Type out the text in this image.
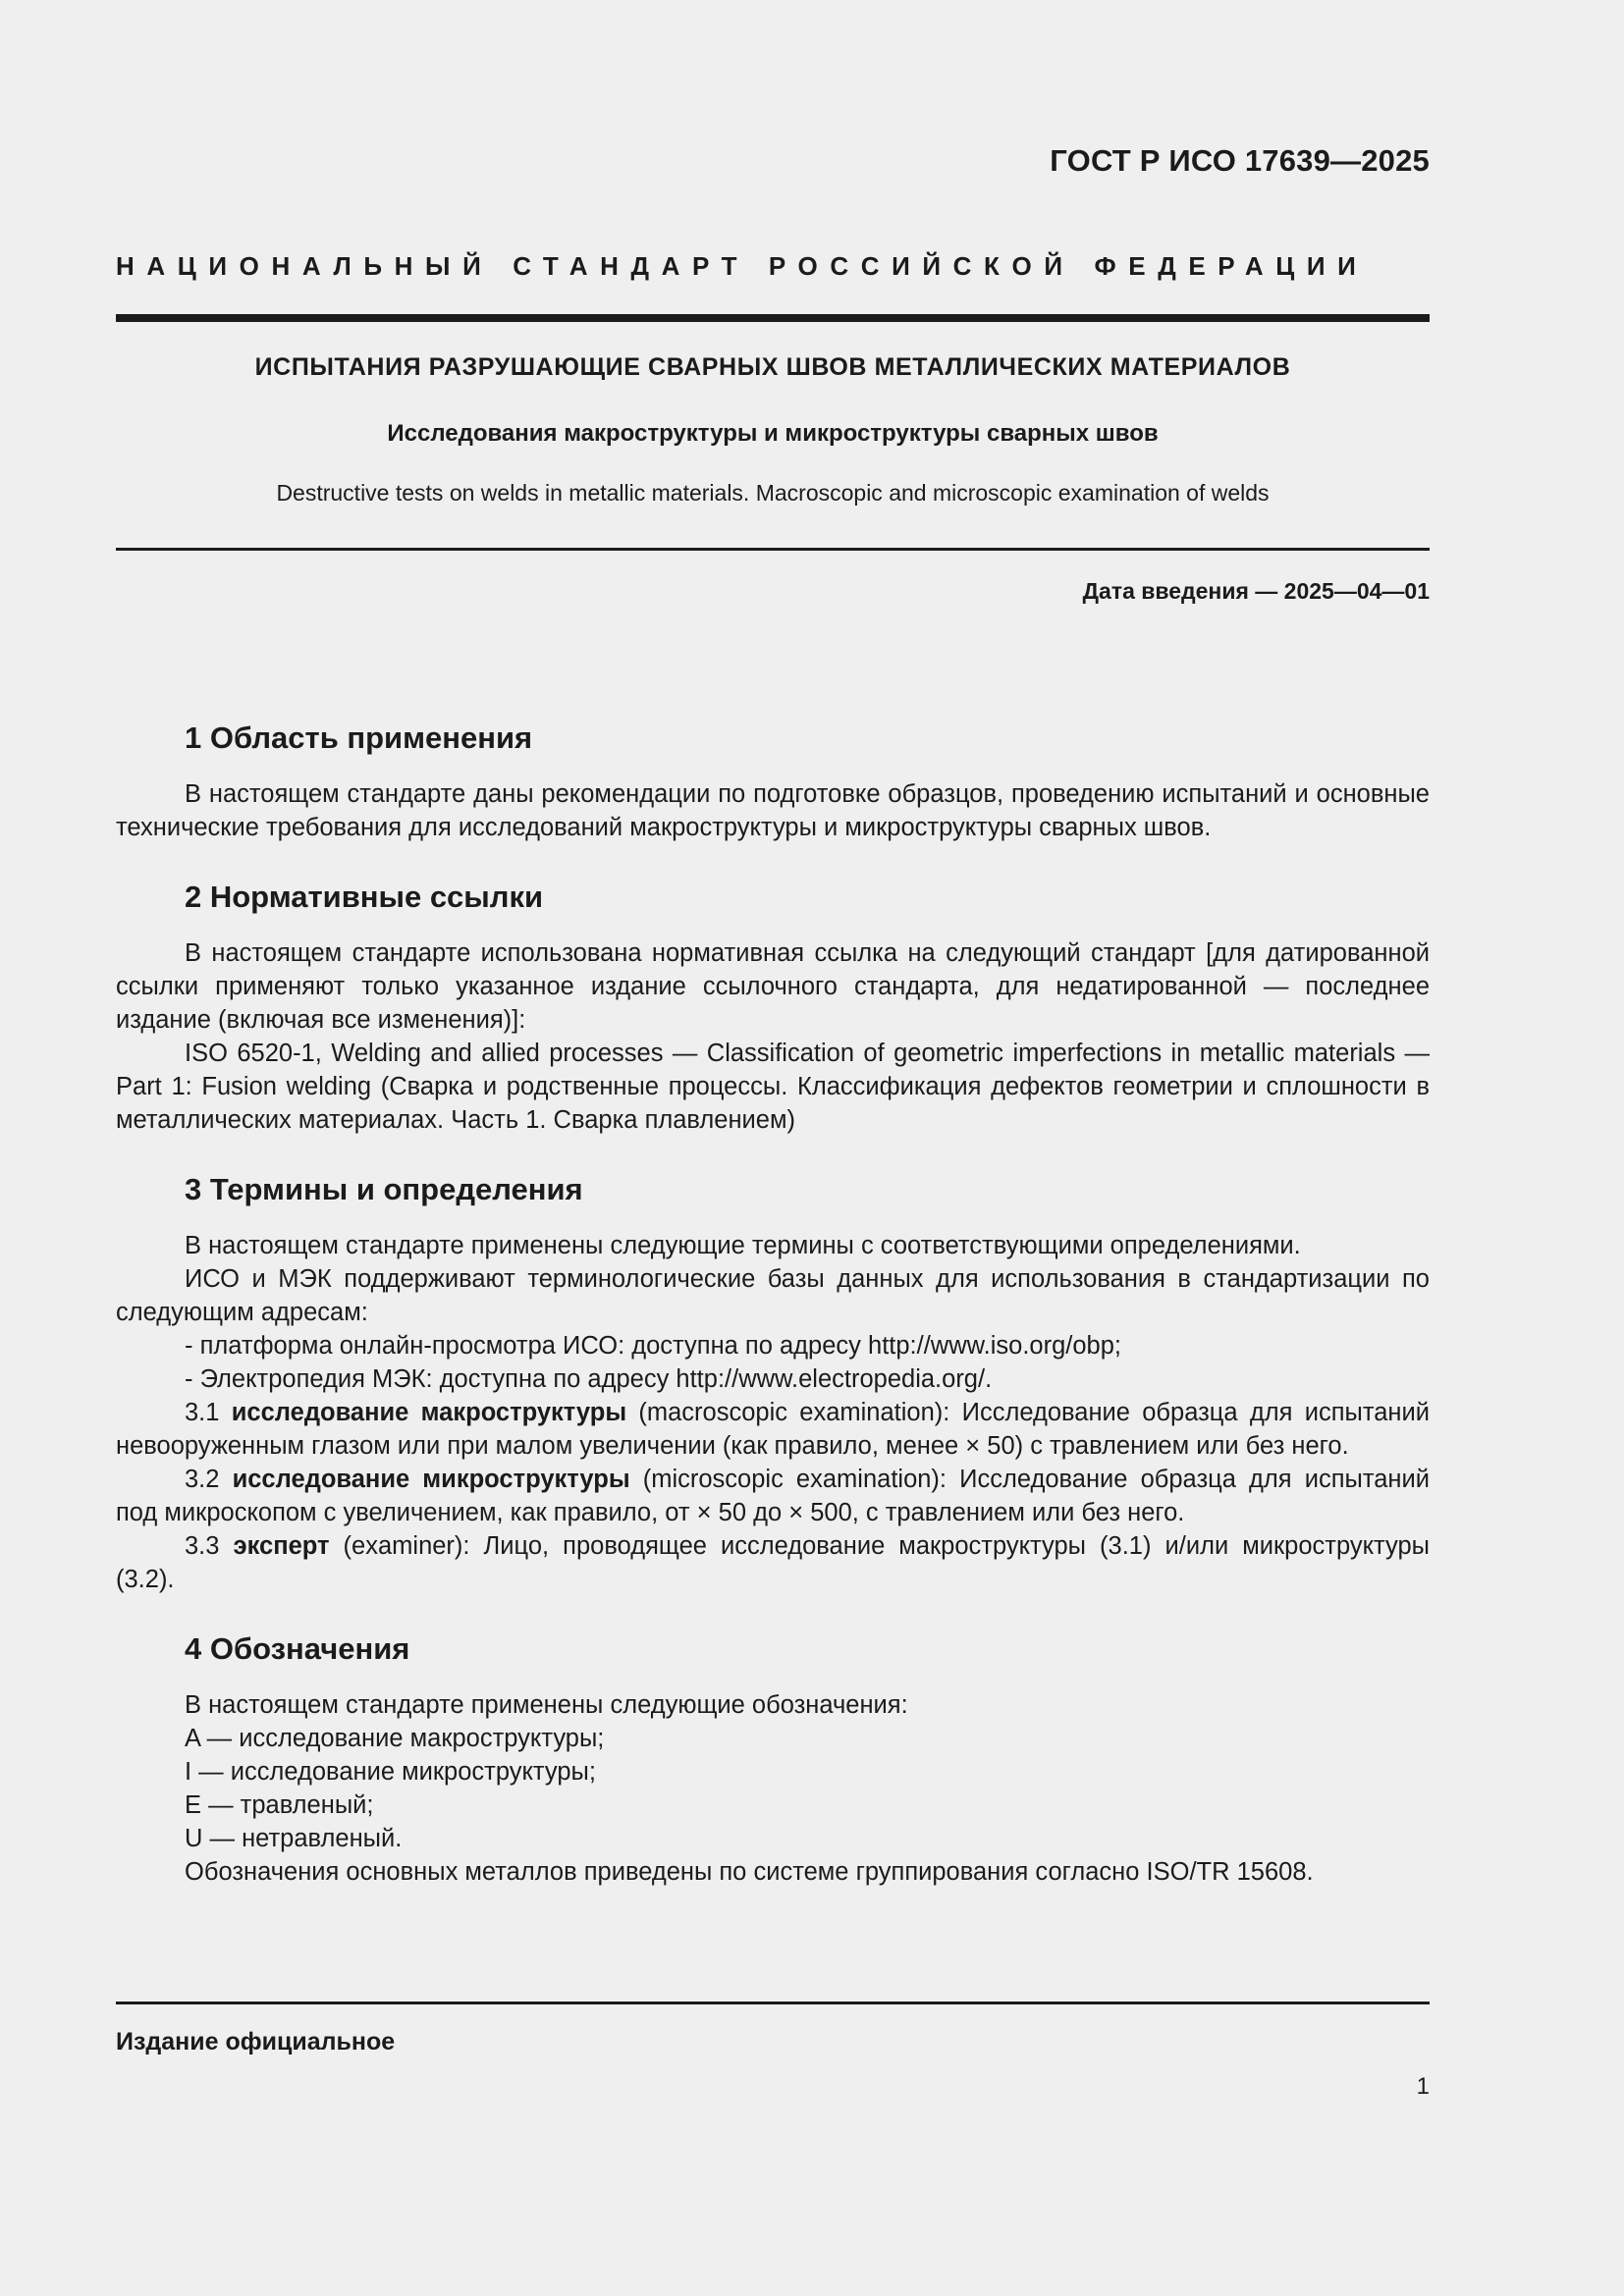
ГОСТ Р ИСО 17639—2025
НАЦИОНАЛЬНЫЙ СТАНДАРТ РОССИЙСКОЙ ФЕДЕРАЦИИ
ИСПЫТАНИЯ РАЗРУШАЮЩИЕ СВАРНЫХ ШВОВ МЕТАЛЛИЧЕСКИХ МАТЕРИАЛОВ
Исследования макроструктуры и микроструктуры сварных швов
Destructive tests on welds in metallic materials. Macroscopic and microscopic examination of welds
Дата введения — 2025—04—01
1 Область применения

В настоящем стандарте даны рекомендации по подготовке образцов, проведению испытаний и основные технические требования для исследований макроструктуры и микроструктуры сварных швов.

2 Нормативные ссылки

В настоящем стандарте использована нормативная ссылка на следующий стандарт [для датированной ссылки применяют только указанное издание ссылочного стандарта, для недатированной — последнее издание (включая все изменения)]:

ISO 6520-1, Welding and allied processes — Classification of geometric imperfections in metallic materials — Part 1: Fusion welding (Сварка и родственные процессы. Классификация дефектов геометрии и сплошности в металлических материалах. Часть 1. Сварка плавлением)

3 Термины и определения

В настоящем стандарте применены следующие термины с соответствующими определениями.

ИСО и МЭК поддерживают терминологические базы данных для использования в стандартизации по следующим адресам:

- платформа онлайн-просмотра ИСО: доступна по адресу http://www.iso.org/obp;

- Электропедия МЭК: доступна по адресу http://www.electropedia.org/.

3.1 исследование макроструктуры (macroscopic examination): Исследование образца для испытаний невооруженным глазом или при малом увеличении (как правило, менее × 50) с травлением или без него.

3.2 исследование микроструктуры (microscopic examination): Исследование образца для испытаний под микроскопом с увеличением, как правило, от × 50 до × 500, с травлением или без него.

3.3 эксперт (examiner): Лицо, проводящее исследование макроструктуры (3.1) и/или микроструктуры (3.2).

4 Обозначения

В настоящем стандарте применены следующие обозначения:

A — исследование макроструктуры;

I — исследование микроструктуры;

E — травленый;

U — нетравленый.

Обозначения основных металлов приведены по системе группирования согласно ISO/TR 15608.

Издание официальное
1
